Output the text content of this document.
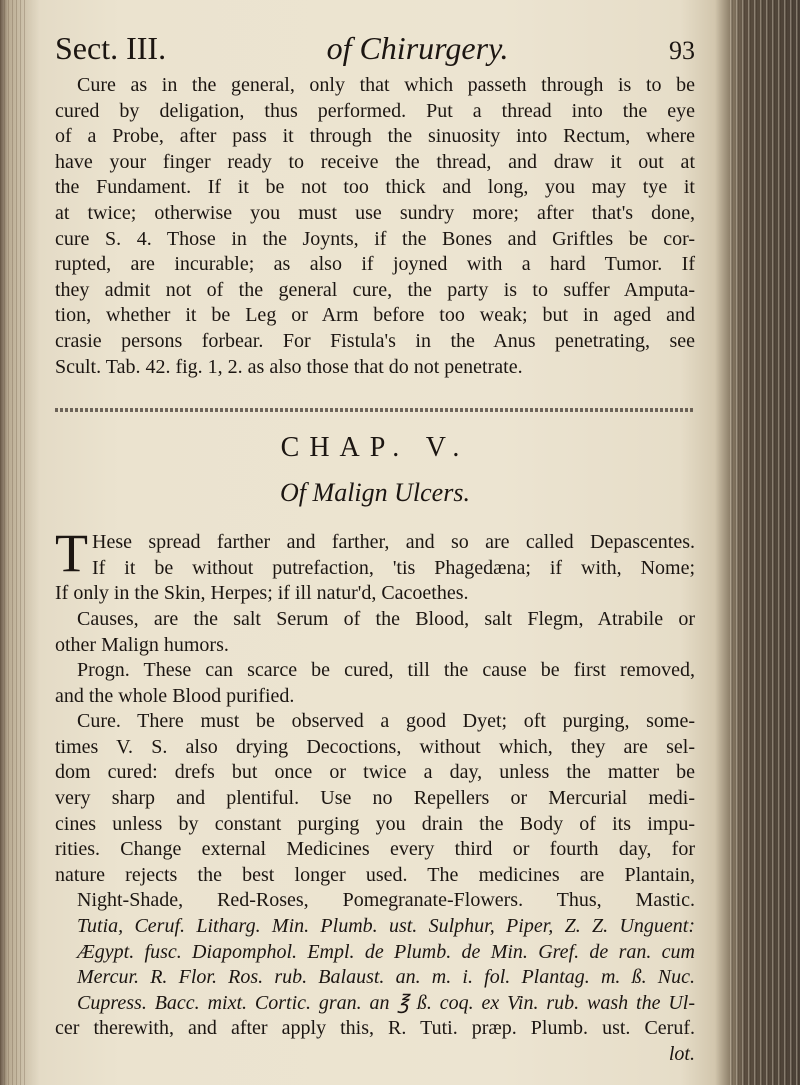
Sect. III.	of Chirurgery.	93
Cure as in the general, only that which passeth through is to be
cured by deligation, thus performed. Put a thread into the eye
of a Probe, after pass it through the sinuosity into Rectum, where
have your finger ready to receive the thread, and draw it out at
the Fundament. If it be not too thick and long, you may tye it
at twice; otherwise you must use sundry more; after that's done,
cure S. 4. Those in the Joynts, if the Bones and Griftles be cor-
rupted, are incurable; as also if joyned with a hard Tumor. If
they admit not of the general cure, the party is to suffer Amputa-
tion, whether it be Leg or Arm before too weak; but in aged and
crasie persons forbear. For Fistula's in the Anus penetrating, see
Scult. Tab. 42. fig. 1, 2. as also those that do not penetrate.
CHAP. V.
Of Malign Ulcers.
T Hese spread farther and farther, and so are called Depascentes.
If it be without putrefaction, 'tis Phagedæna; if with, Nome;
If only in the Skin, Herpes; if ill natur'd, Cacoethes.
Causes, are the salt Serum of the Blood, salt Flegm, Atrabile or
other Malign humors.
Progn. These can scarce be cured, till the cause be first removed,
and the whole Blood purified.
Cure. There must be observed a good Dyet; oft purging, some-
times V. S. also drying Decoctions, without which, they are sel-
dom cured: drefs but once or twice a day, unless the matter be
very sharp and plentiful. Use no Repellers or Mercurial medi-
cines unless by constant purging you drain the Body of its impu-
rities. Change external Medicines every third or fourth day, for
nature rejects the best longer used. The medicines are Plantain,
Night-Shade, Red-Roses, Pomegranate-Flowers. Thus, Mastic.
Tutia, Ceruf. Litharg. Min. Plumb. ust. Sulphur, Piper, Z. Z. Unguent:
Ægypt. fusc. Diapomphol. Empl. de Plumb. de Min. Gref. de ran. cum
Mercur. R. Flor. Ros. rub. Balaust. an. m. i. fol. Plantag. m. ß. Nuc.
Cupress. Bacc. mixt. Cortic. gran. an ℥ ß. coq. ex Vin. rub. wash the Ul-
cer therewith, and after apply this, R. Tuti. præp. Plumb. ust. Ceruf.
lot.
